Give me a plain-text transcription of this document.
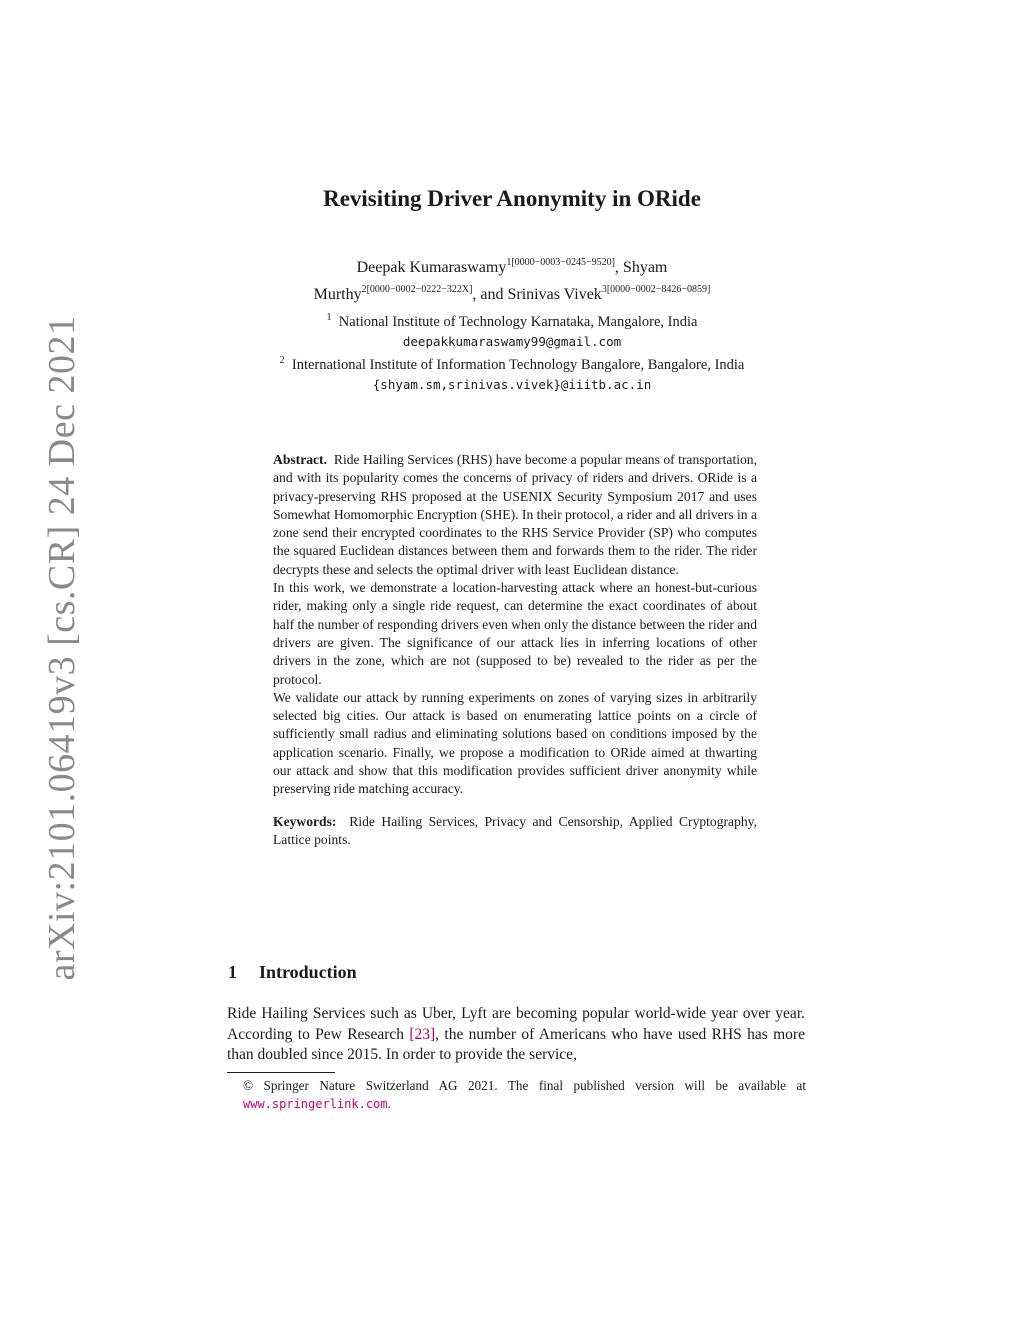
arXiv:2101.06419v3 [cs.CR] 24 Dec 2021
Revisiting Driver Anonymity in ORide
Deepak Kumaraswamy$^{1[0000-0003-0245-9520]}$, Shyam
Murthy$^{2[0000-0002-0222-322X]}$, and Srinivas Vivek$^{3[0000-0002-8426-0859]}$
$^1$ National Institute of Technology Karnataka, Mangalore, India
deepakkumaraswamy99@gmail.com
$^2$ International Institute of Information Technology Bangalore, Bangalore, India
{shyam.sm,srinivas.vivek}@iiitb.ac.in

Abstract. Ride Hailing Services (RHS) have become a popular means of transportation, and with its popularity comes the concerns of privacy of riders and drivers. ORide is a privacy-preserving RHS proposed at the USENIX Security Symposium 2017 and uses Somewhat Homomorphic Encryption (SHE). In their protocol, a rider and all drivers in a zone send their encrypted coordinates to the RHS Service Provider (SP) who computes the squared Euclidean distances between them and forwards them to the rider. The rider decrypts these and selects the optimal driver with least Euclidean distance.

In this work, we demonstrate a location-harvesting attack where an honest-but-curious rider, making only a single ride request, can determine the exact coordinates of about half the number of responding drivers even when only the distance between the rider and drivers are given. The significance of our attack lies in inferring locations of other drivers in the zone, which are not (supposed to be) revealed to the rider as per the protocol.

We validate our attack by running experiments on zones of varying sizes in arbitrarily selected big cities. Our attack is based on enumerating lattice points on a circle of sufficiently small radius and eliminating solutions based on conditions imposed by the application scenario. Finally, we propose a modification to ORide aimed at thwarting our attack and show that this modification provides sufficient driver anonymity while preserving ride matching accuracy.

Keywords: Ride Hailing Services, Privacy and Censorship, Applied Cryptography, Lattice points.

1 Introduction

Ride Hailing Services such as Uber, Lyft are becoming popular world-wide year over year. According to Pew Research [23], the number of Americans who have used RHS has more than doubled since 2015. In order to provide the service,

© Springer Nature Switzerland AG 2021. The final published version will be available at www.springerlink.com.
